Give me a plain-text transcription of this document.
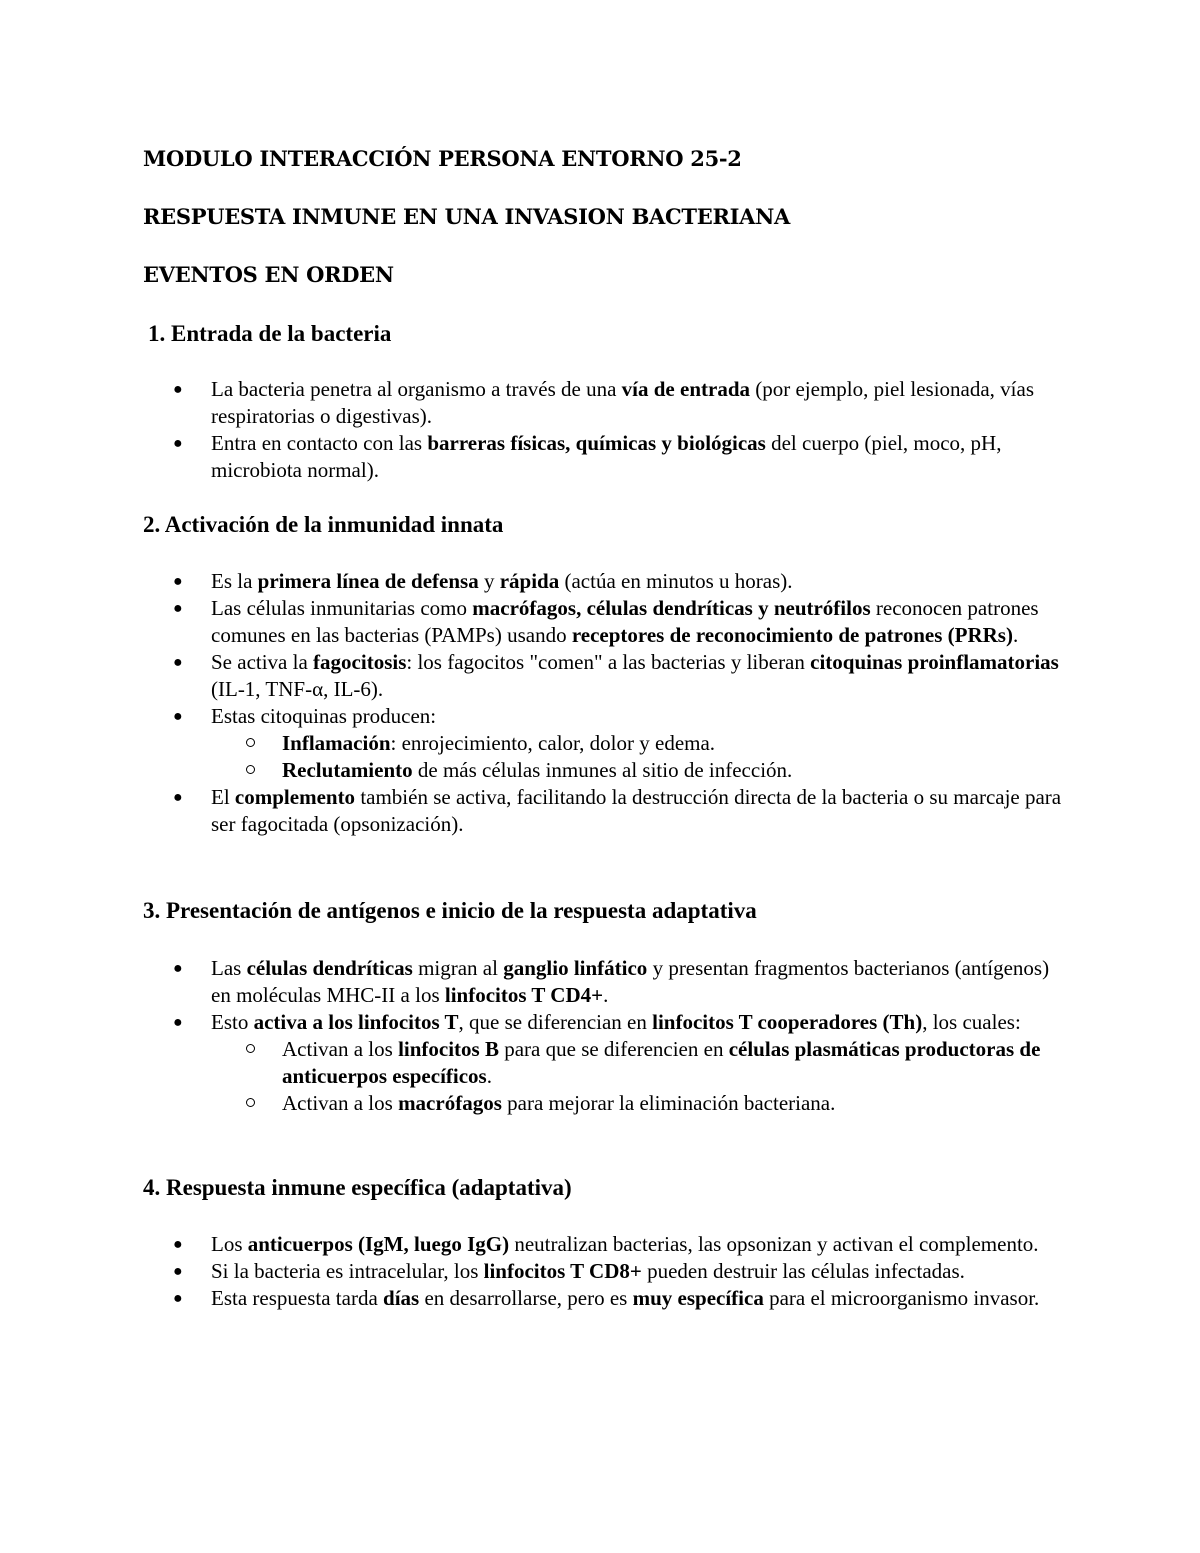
MODULO INTERACCIÓN PERSONA ENTORNO 25-2
RESPUESTA INMUNE EN UNA INVASION BACTERIANA
EVENTOS EN ORDEN
1. Entrada de la bacteria
● La bacteria penetra al organismo a través de una vía de entrada (por ejemplo, piel lesionada, vías respiratorias o digestivas).
● Entra en contacto con las barreras físicas, químicas y biológicas del cuerpo (piel, moco, pH, microbiota normal).
2. Activación de la inmunidad innata
● Es la primera línea de defensa y rápida (actúa en minutos u horas).
● Las células inmunitarias como macrófagos, células dendríticas y neutrófilos reconocen patrones comunes en las bacterias (PAMPs) usando receptores de reconocimiento de patrones (PRRs).
● Se activa la fagocitosis: los fagocitos "comen" a las bacterias y liberan citoquinas proinflamatorias (IL-1, TNF-α, IL-6).
● Estas citoquinas producen:
Inflamación: enrojecimiento, calor, dolor y edema.
Reclutamiento de más células inmunes al sitio de infección.
● El complemento también se activa, facilitando la destrucción directa de la bacteria o su marcaje para ser fagocitada (opsonización).
3. Presentación de antígenos e inicio de la respuesta adaptativa
● Las células dendríticas migran al ganglio linfático y presentan fragmentos bacterianos (antígenos) en moléculas MHC-II a los linfocitos T CD4+.
● Esto activa a los linfocitos T, que se diferencian en linfocitos T cooperadores (Th), los cuales:
Activan a los linfocitos B para que se diferencien en células plasmáticas productoras de anticuerpos específicos.
Activan a los macrófagos para mejorar la eliminación bacteriana.
4. Respuesta inmune específica (adaptativa)
● Los anticuerpos (IgM, luego IgG) neutralizan bacterias, las opsonizan y activan el complemento.
● Si la bacteria es intracelular, los linfocitos T CD8+ pueden destruir las células infectadas.
● Esta respuesta tarda días en desarrollarse, pero es muy específica para el microorganismo invasor.
